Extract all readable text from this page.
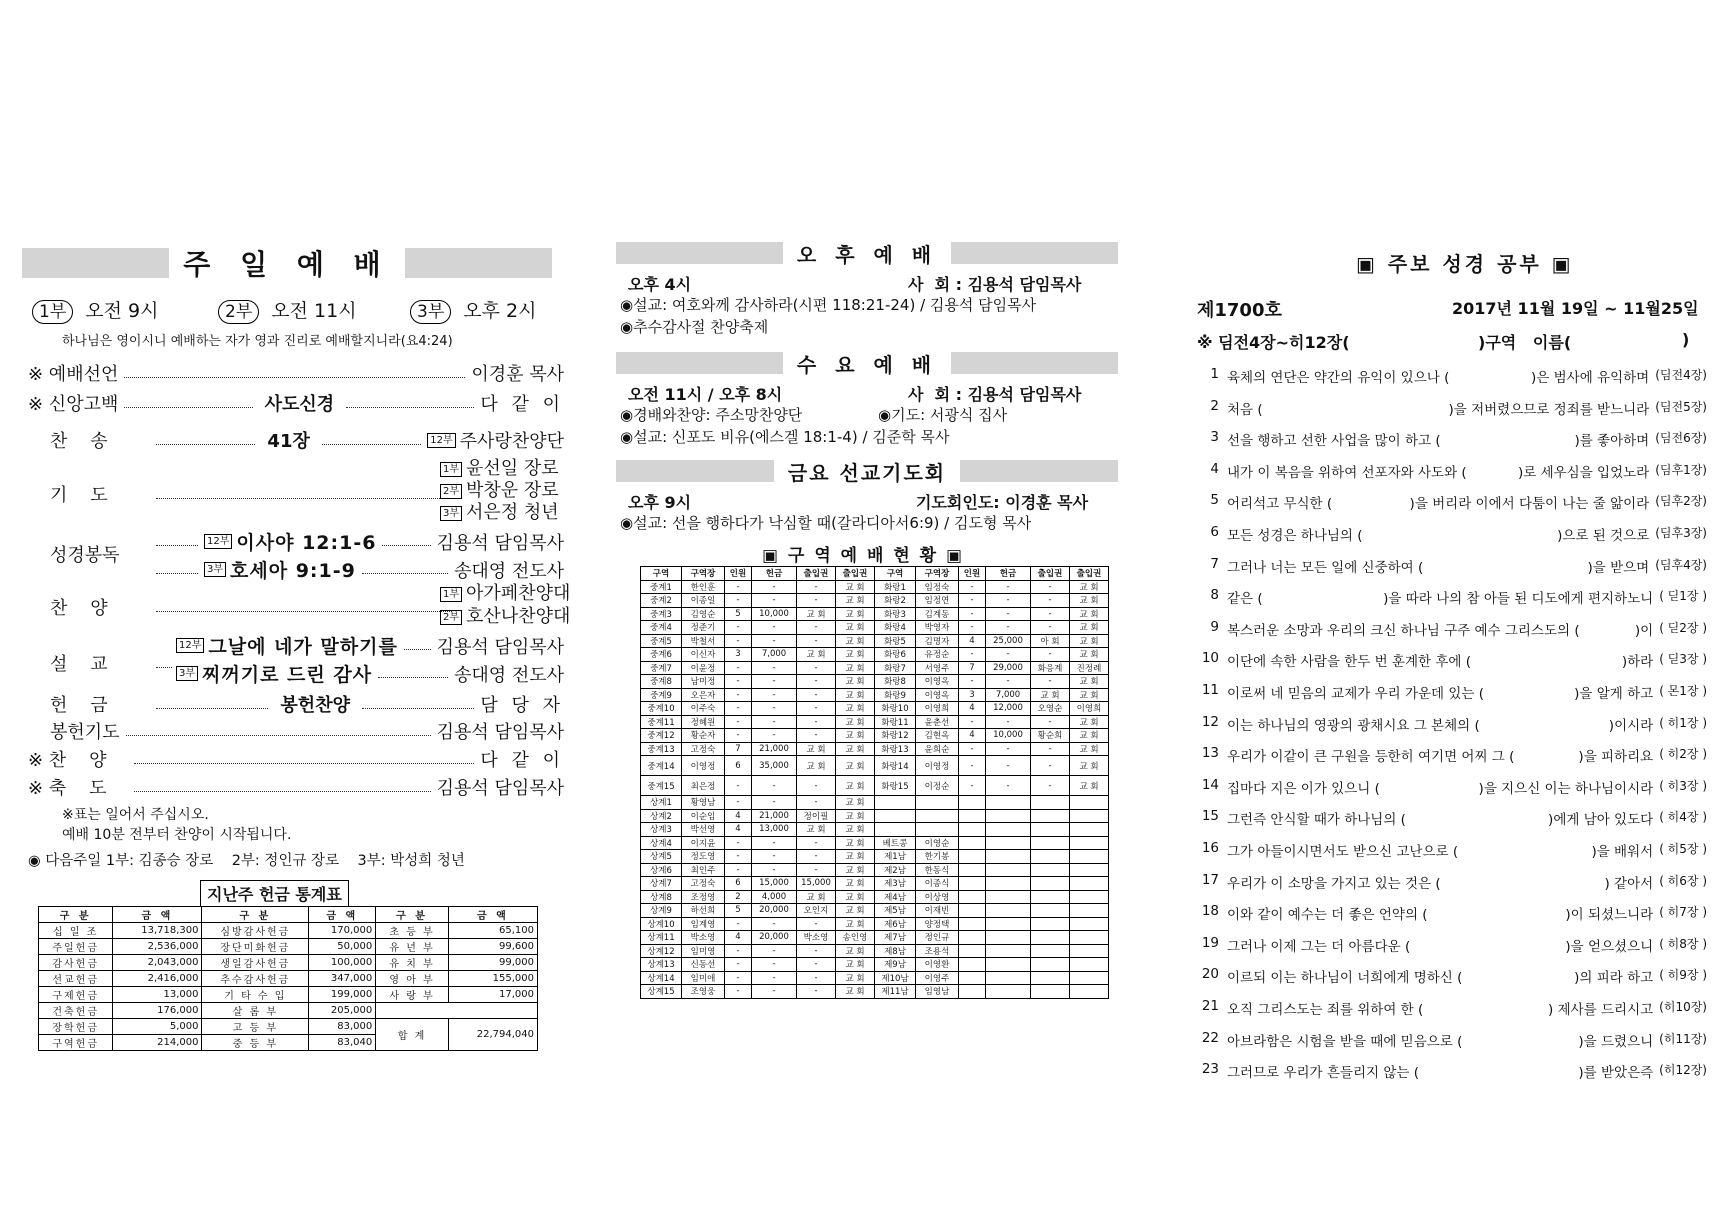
주 일 예 배
1부 오전 9시	2부 오전 11시	3부 오후 2시
하나님은 영이시니 예배하는 자가 영과 진리로 예배할지니라(요4:24)
※ 예배선언	이경훈 목사
※ 신앙고백	사도신경	다 같 이
찬    송	41장	12부 주사랑찬양단
기    도
1부 윤선일 장로
2부 박창운 장로
3부 서은정 청년
성경봉독
12부 이사야 12:1-6	김용석 담임목사
3부 호세아 9:1-9	송대영 전도사
찬    양
1부 아가페찬양대
2부 호산나찬양대
설    교
12부 그날에 네가 말하기를 김용석 담임목사
3부 찌꺼기로 드린 감사	송대영 전도사
헌    금	봉헌찬양	담 당 자
봉헌기도	김용석 담임목사
※ 찬    양	다 같 이
※ 축    도	김용석 담임목사
※표는 일어서 주십시오.
예배 10분 전부터 찬양이 시작됩니다.
◉ 다음주일 1부: 김종승 장로    2부: 정인규 장로    3부: 박성희 청년
지난주 헌금 통계표
구 분	금 액	구 분	금 액	구 분	금 액
십 일 조	13,718,300	심방감사헌금	170,000	초 등 부	65,100
주일헌금	2,536,000	장단미화헌금	50,000	유 년 부	99,600
감사헌금	2,043,000	생일감사헌금	100,000	유 치 부	99,000
선교헌금	2,416,000	추수감사헌금	347,000	영 아 부	155,000
구제헌금	13,000	기 타 수 입	199,000	사 랑 부	17,000
건축헌금	176,000	살 롬 부	205,000		
장학헌금	5,000	고 등 부	83,000	합 계	22,794,040
구역헌금	214,000	중 등 부	83,040		
오 후 예 배
오후 4시	사  회 : 김용석 담임목사
◉설교: 여호와께 감사하라(시편 118:21-24) / 김용석 담임목사
◉추수감사절 찬양축제
수 요 예 배
오전 11시 / 오후 8시	사  회 : 김용석 담임목사
◉경배와찬양: 주소망찬양단	◉기도: 서광식 집사
◉설교: 신포도 비유(에스겔 18:1-4) / 김준학 목사
금요 선교기도회
오후 9시	기도회인도: 이경훈 목사
◉설교: 선을 행하다가 낙심할 때(갈라디아서6:9) / 김도형 목사
▣ 구 역 예 배 현 황 ▣
구역	구역장	인원	헌금	출입권	출입권	구역	구역장	인원	헌금	출입권	출입권
중계1	한인훈	-	-	-	교 회	화랑1	임정숙	-	-	-	교 회
중계2	이종일	-	-	-	교 회	화랑2	임정연	-	-	-	교 회
중계3	김영순	5	10,000	교 회	교 회	화랑3	김계동	-	-	-	교 회
중계4	정준기	-	-	-	교 회	화랑4	박영자	-	-	-	교 회
중계5	박철서	-	-	-	교 회	화랑5	김명자	4	25,000	아 회	교 회
중계6	이신자	3	7,000	교 회	교 회	화랑6	유정순	-	-	-	교 회
중계7	이윤정	-	-	-	교 회	화랑7	서영주	7	29,000	화응계	진정례
중계8	남미정	-	-	-	교 회	화랑8	이영옥	-	-	-	교 회
중계9	오은자	-	-	-	교 회	화랑9	이영옥	3	7,000	교 회	교 회
중계10	이주숙	-	-	-	교 회	화랑10	이영희	4	12,000	오영순	이영희
중계11	정혜원	-	-	-	교 회	화랑11	윤춘선	-	-	-	교 회
중계12	황순자	-	-	-	교 회	화랑12	김현옥	4	10,000	황순희	교 회
중계13	고정숙	7	21,000	교 회	교 회	화랑13	윤희순	-	-	-	교 회
중계14	이영정	6	35,000	교 회	교 회	화랑14	이영정	-	-	-	교 회
중계15	최은정	-	-	-	교 회	화랑15	이정순	-	-	-	교 회
상계1	황영남	-	-	-	교 회						
상계2	이순임	4	21,000	정이필	교 회						
상계3	박선영	4	13,000	교 회	교 회						
상계4	이지윤	-	-	-	교 회	베트콩	이영순				
상계5	정도영	-	-	-	교 회	제1남	한기봉				
상계6	최인주	-	-	-	교 회	제2남	한동식				
상계7	고정숙	6	15,000	15,000	교 회	제3남	이종식				
상계8	조정영	2	4,000	교 회	교 회	제4남	이상영				
상계9	하선희	5	20,000	오인지	교 회	제5남	이재빈				
상계10	임계영	-	-	-	교 회	제6남	양정택				
상계11	박소영	4	20,000	박소영	송인영	제7남	정인규				
상계12	임미영	-	-	-	교 회	제8남	조용석				
상계13	신동선	-	-	-	교 회	제9남	이영환				
상계14	임미애	-	-	-	교 회	제10남	이영주				
상계15	조영웅	-	-	-	교 회	제11남	임영남				
▣ 주보 성경 공부 ▣
제1700호	2017년 11월 19일 ~ 11월25일
※ 딤전4장~히12장(	)구역   이름(	)
1 육체의 연단은 약간의 유익이 있으나 (	)은 범사에 유익하며 (딤전4장)
2 처음 (	)을 저버렸으므로 정죄를 받느니라 (딤전5장)
3 선을 행하고 선한 사업을 많이 하고 (	)를 좋아하며 (딤전6장)
4 내가 이 복음을 위하여 선포자와 사도와 (	)로 세우심을 입었노라 (딤후1장)
5 어리석고 무식한 (	)을 버리라 이에서 다툼이 나는 줄 앎이라 (딤후2장)
6 모든 성경은 하나님의 (	)으로 된 것으로 (딤후3장)
7 그러나 너는 모든 일에 신중하여 (	)을 받으며 (딤후4장)
8 같은 (	)을 따라 나의 참 아들 된 디도에게 편지하노니 ( 딛1장 )
9 복스러운 소망과 우리의 크신 하나님 구주 예수 그리스도의 (	)이 ( 딛2장 )
10 이단에 속한 사람을 한두 번 훈계한 후에 (	)하라 ( 딛3장 )
11 이로써 네 믿음의 교제가 우리 가운데 있는 (	)을 알게 하고 ( 몬1장 )
12 이는 하나님의 영광의 광채시요 그 본체의 (	)이시라 ( 히1장 )
13 우리가 이같이 큰 구원을 등한히 여기면 어찌 그 (	)을 피하리요 ( 히2장 )
14 집마다 지은 이가 있으니 (	)을 지으신 이는 하나님이시라 ( 히3장 )
15 그런즉 안식할 때가 하나님의 (	)에게 남아 있도다 ( 히4장 )
16 그가 아들이시면서도 받으신 고난으로 (	)을 배워서 ( 히5장 )
17 우리가 이 소망을 가지고 있는 것은 (	) 같아서 ( 히6장 )
18 이와 같이 예수는 더 좋은 언약의 (	)이 되셨느니라 ( 히7장 )
19 그러나 이제 그는 더 아름다운 (	)을 얻으셨으니 ( 히8장 )
20 이르되 이는 하나님이 너희에게 명하신 (	)의 피라 하고 ( 히9장 )
21 오직 그리스도는 죄를 위하여 한 (	) 제사를 드리시고 (히10장)
22 아브라함은 시험을 받을 때에 믿음으로 (	)을 드렸으니 (히11장)
23 그러므로 우리가 흔들리지 않는 (	)를 받았은즉 (히12장)
